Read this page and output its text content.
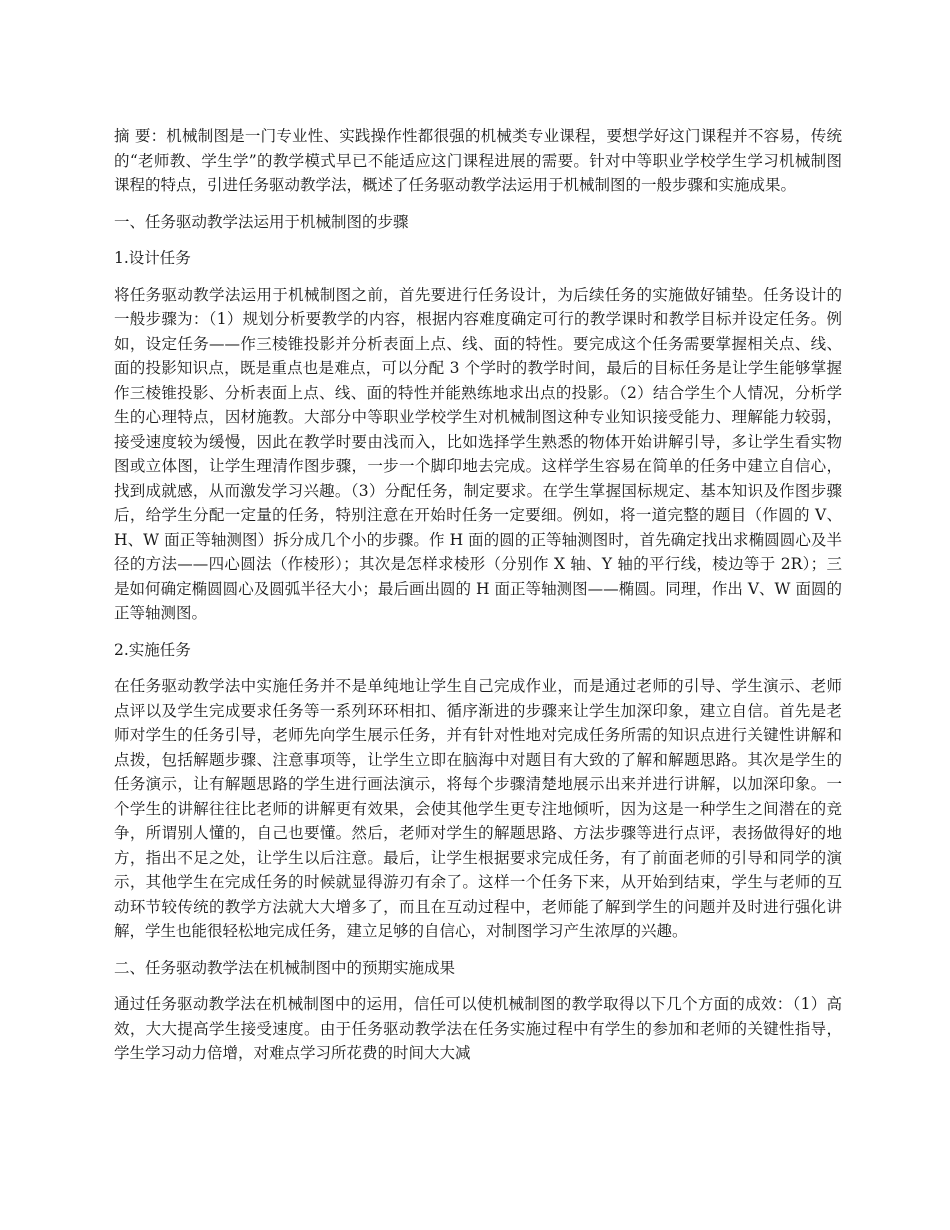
摘 要：机械制图是一门专业性、实践操作性都很强的机械类专业课程，要想学好这门课程并不容易，传统的“老师教、学生学”的教学模式早已不能适应这门课程进展的需要。针对中等职业学校学生学习机械制图课程的特点，引进任务驱动教学法，概述了任务驱动教学法运用于机械制图的一般步骤和实施成果。

一、任务驱动教学法运用于机械制图的步骤
1.设计任务

将任务驱动教学法运用于机械制图之前，首先要进行任务设计，为后续任务的实施做好铺垫。任务设计的一般步骤为：（1）规划分析要教学的内容，根据内容难度确定可行的教学课时和教学目标并设定任务。例如，设定任务——作三棱锥投影并分析表面上点、线、面的特性。要完成这个任务需要掌握相关点、线、面的投影知识点，既是重点也是难点，可以分配 3 个学时的教学时间，最后的目标任务是让学生能够掌握作三棱锥投影、分析表面上点、线、面的特性并能熟练地求出点的投影。（2）结合学生个人情况，分析学生的心理特点，因材施教。大部分中等职业学校学生对机械制图这种专业知识接受能力、理解能力较弱，接受速度较为缓慢，因此在教学时要由浅而入，比如选择学生熟悉的物体开始讲解引导，多让学生看实物图或立体图，让学生理清作图步骤，一步一个脚印地去完成。这样学生容易在简单的任务中建立自信心，找到成就感，从而激发学习兴趣。（3）分配任务，制定要求。在学生掌握国标规定、基本知识及作图步骤后，给学生分配一定量的任务，特别注意在开始时任务一定要细。例如，将一道完整的题目（作圆的 V、H、W 面正等轴测图）拆分成几个小的步骤。作 H 面的圆的正等轴测图时，首先确定找出求椭圆圆心及半径的方法——四心圆法（作棱形）；其次是怎样求棱形（分别作 X 轴、Y 轴的平行线，棱边等于 2R）；三是如何确定椭圆圆心及圆弧半径大小；最后画出圆的 H 面正等轴测图——椭圆。同理，作出 V、W 面圆的正等轴测图。

2.实施任务

在任务驱动教学法中实施任务并不是单纯地让学生自己完成作业，而是通过老师的引导、学生演示、老师点评以及学生完成要求任务等一系列环环相扣、循序渐进的步骤来让学生加深印象，建立自信。首先是老师对学生的任务引导，老师先向学生展示任务，并有针对性地对完成任务所需的知识点进行关键性讲解和点拨，包括解题步骤、注意事项等，让学生立即在脑海中对题目有大致的了解和解题思路。其次是学生的任务演示，让有解题思路的学生进行画法演示，将每个步骤清楚地展示出来并进行讲解，以加深印象。一个学生的讲解往往比老师的讲解更有效果，会使其他学生更专注地倾听，因为这是一种学生之间潜在的竞争，所谓别人懂的，自己也要懂。然后，老师对学生的解题思路、方法步骤等进行点评，表扬做得好的地方，指出不足之处，让学生以后注意。最后，让学生根据要求完成任务，有了前面老师的引导和同学的演示，其他学生在完成任务的时候就显得游刃有余了。这样一个任务下来，从开始到结束，学生与老师的互动环节较传统的教学方法就大大增多了，而且在互动过程中，老师能了解到学生的问题并及时进行强化讲解，学生也能很轻松地完成任务，建立足够的自信心，对制图学习产生浓厚的兴趣。

二、任务驱动教学法在机械制图中的预期实施成果

通过任务驱动教学法在机械制图中的运用，信任可以使机械制图的教学取得以下几个方面的成效：（1）高效，大大提高学生接受速度。由于任务驱动教学法在任务实施过程中有学生的参加和老师的关键性指导，学生学习动力倍增，对难点学习所花费的时间大大减
